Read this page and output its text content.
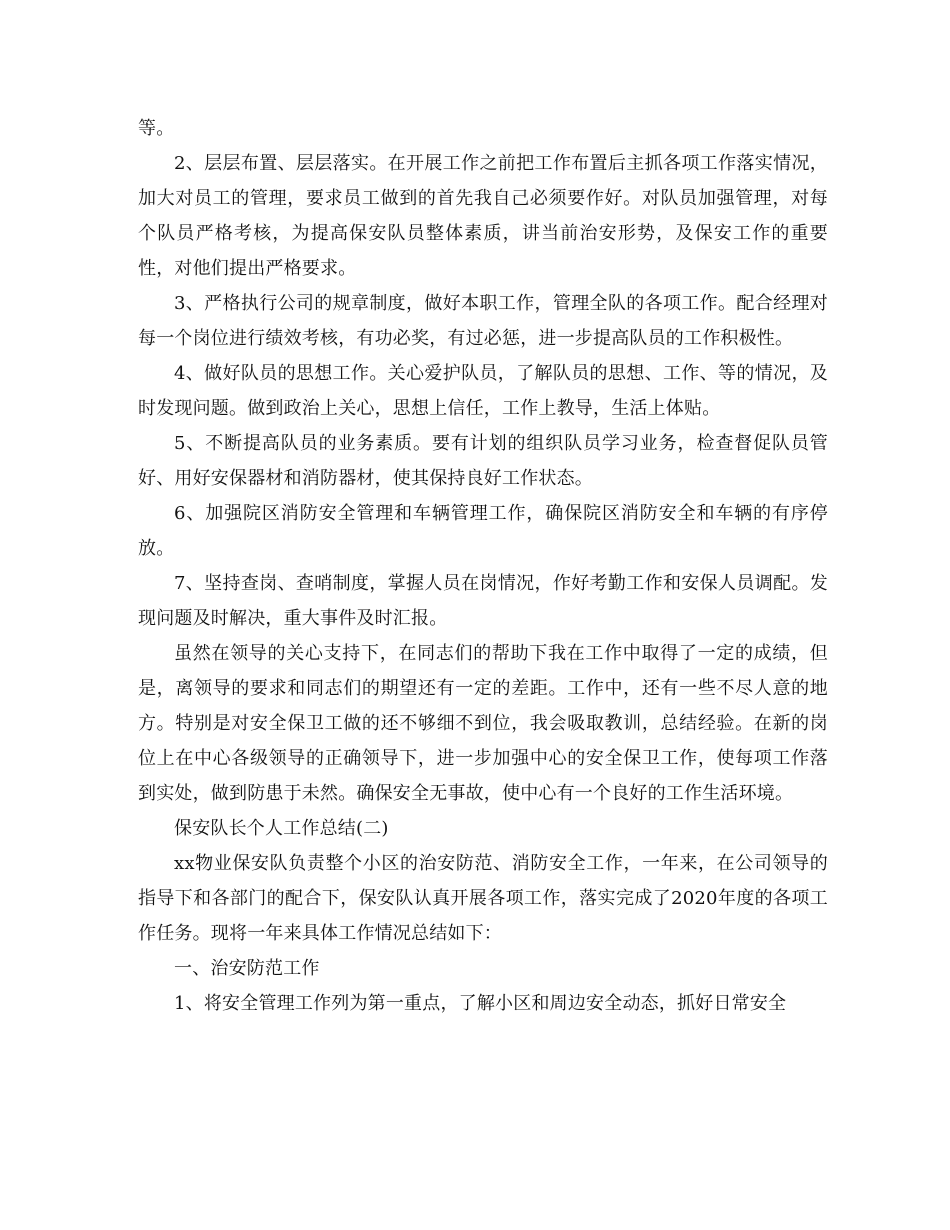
等。

2、层层布置、层层落实。在开展工作之前把工作布置后主抓各项工作落实情况，加大对员工的管理，要求员工做到的首先我自己必须要作好。对队员加强管理，对每个队员严格考核，为提高保安队员整体素质，讲当前治安形势，及保安工作的重要性，对他们提出严格要求。

3、严格执行公司的规章制度，做好本职工作，管理全队的各项工作。配合经理对每一个岗位进行绩效考核，有功必奖，有过必惩，进一步提高队员的工作积极性。

4、做好队员的思想工作。关心爱护队员，了解队员的思想、工作、等的情况，及时发现问题。做到政治上关心，思想上信任，工作上教导，生活上体贴。

5、不断提高队员的业务素质。要有计划的组织队员学习业务，检查督促队员管好、用好安保器材和消防器材，使其保持良好工作状态。

6、加强院区消防安全管理和车辆管理工作，确保院区消防安全和车辆的有序停放。

7、坚持查岗、查哨制度，掌握人员在岗情况，作好考勤工作和安保人员调配。发现问题及时解决，重大事件及时汇报。

虽然在领导的关心支持下，在同志们的帮助下我在工作中取得了一定的成绩，但是，离领导的要求和同志们的期望还有一定的差距。工作中，还有一些不尽人意的地方。特别是对安全保卫工做的还不够细不到位，我会吸取教训，总结经验。在新的岗位上在中心各级领导的正确领导下，进一步加强中心的安全保卫工作，使每项工作落到实处，做到防患于未然。确保安全无事故，使中心有一个良好的工作生活环境。

保安队长个人工作总结(二)

xx物业保安队负责整个小区的治安防范、消防安全工作，一年来，在公司领导的指导下和各部门的配合下，保安队认真开展各项工作，落实完成了2020年度的各项工作任务。现将一年来具体工作情况总结如下：

一、治安防范工作

1、将安全管理工作列为第一重点，了解小区和周边安全动态，抓好日常安全
